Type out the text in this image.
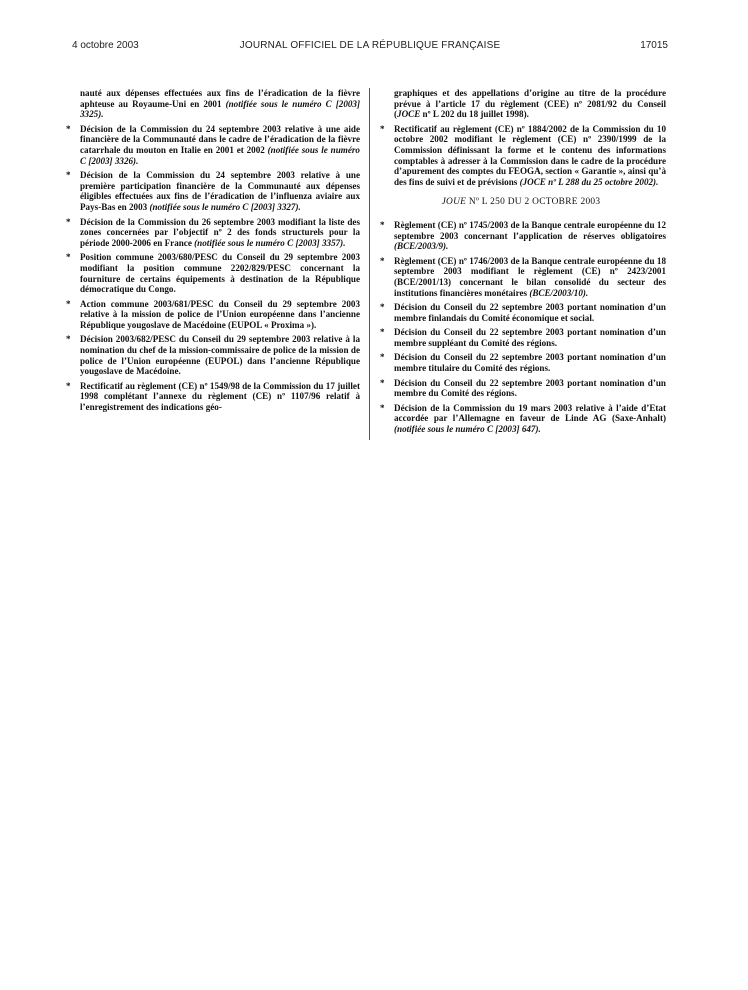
4 octobre 2003	JOURNAL OFFICIEL DE LA RÉPUBLIQUE FRANÇAISE	17015
nauté aux dépenses effectuées aux fins de l’éradication de la fièvre aphteuse au Royaume-Uni en 2001 (notifiée sous le numéro C [2003] 3325).
* Décision de la Commission du 24 septembre 2003 relative à une aide financière de la Communauté dans le cadre de l’éradication de la fièvre catarrhale du mouton en Italie en 2001 et 2002 (notifiée sous le numéro C [2003] 3326).
* Décision de la Commission du 24 septembre 2003 relative à une première participation financière de la Communauté aux dépenses éligibles effectuées aux fins de l’éradication de l’influenza aviaire aux Pays-Bas en 2003 (notifiée sous le numéro C [2003] 3327).
* Décision de la Commission du 26 septembre 2003 modifiant la liste des zones concernées par l’objectif nº 2 des fonds structurels pour la période 2000-2006 en France (notifiée sous le numéro C [2003] 3357).
* Position commune 2003/680/PESC du Conseil du 29 septembre 2003 modifiant la position commune 2202/829/PESC concernant la fourniture de certains équipements à destination de la République démocratique du Congo.
* Action commune 2003/681/PESC du Conseil du 29 septembre 2003 relative à la mission de police de l’Union européenne dans l’ancienne République yougoslave de Macédoine (EUPOL « Proxima »).
* Décision 2003/682/PESC du Conseil du 29 septembre 2003 relative à la nomination du chef de la mission-commissaire de police de la mission de police de l’Union européenne (EUPOL) dans l’ancienne République yougoslave de Macédoine.
* Rectificatif au règlement (CE) nº 1549/98 de la Commission du 17 juillet 1998 complétant l’annexe du règlement (CE) nº 1107/96 relatif à l’enregistrement des indications géo-
graphiques et des appellations d’origine au titre de la procédure prévue à l’article 17 du règlement (CEE) nº 2081/92 du Conseil (JOCE nº L 202 du 18 juillet 1998).
* Rectificatif au règlement (CE) nº 1884/2002 de la Commission du 10 octobre 2002 modifiant le règlement (CE) nº 2390/1999 de la Commission définissant la forme et le contenu des informations comptables à adresser à la Commission dans le cadre de la procédure d’apurement des comptes du FEOGA, section « Garantie », ainsi qu’à des fins de suivi et de prévisions (JOCE nº L 288 du 25 octobre 2002).
JOUE Nº L 250 DU 2 OCTOBRE 2003
* Règlement (CE) nº 1745/2003 de la Banque centrale européenne du 12 septembre 2003 concernant l’application de réserves obligatoires (BCE/2003/9).
* Règlement (CE) nº 1746/2003 de la Banque centrale européenne du 18 septembre 2003 modifiant le règlement (CE) nº 2423/2001 (BCE/2001/13) concernant le bilan consolidé du secteur des institutions financières monétaires (BCE/2003/10).
* Décision du Conseil du 22 septembre 2003 portant nomination d’un membre finlandais du Comité économique et social.
* Décision du Conseil du 22 septembre 2003 portant nomination d’un membre suppléant du Comité des régions.
* Décision du Conseil du 22 septembre 2003 portant nomination d’un membre titulaire du Comité des régions.
* Décision du Conseil du 22 septembre 2003 portant nomination d’un membre du Comité des régions.
* Décision de la Commission du 19 mars 2003 relative à l’aide d’Etat accordée par l’Allemagne en faveur de Linde AG (Saxe-Anhalt) (notifiée sous le numéro C [2003] 647).
